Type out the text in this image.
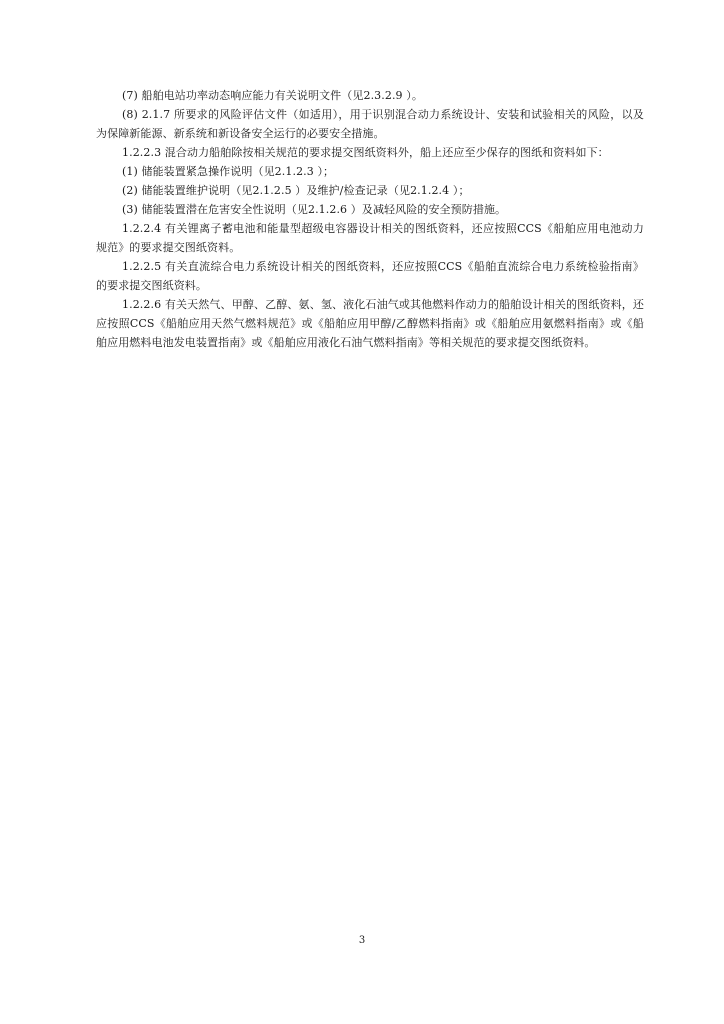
(7) 船舶电站功率动态响应能力有关说明文件（见2.3.2.9 ）。

(8) 2.1.7 所要求的风险评估文件（如适用），用于识别混合动力系统设计、安装和试验相关的风险，以及为保障新能源、新系统和新设备安全运行的必要安全措施。

1.2.2.3 混合动力船舶除按相关规范的要求提交图纸资料外，船上还应至少保存的图纸和资料如下：

(1) 储能装置紧急操作说明（见2.1.2.3 ）；

(2) 储能装置维护说明（见2.1.2.5 ）及维护/检查记录（见2.1.2.4 ）；

(3) 储能装置潜在危害安全性说明（见2.1.2.6 ）及减轻风险的安全预防措施。

1.2.2.4 有关锂离子蓄电池和能量型超级电容器设计相关的图纸资料，还应按照CCS《船舶应用电池动力规范》的要求提交图纸资料。

1.2.2.5 有关直流综合电力系统设计相关的图纸资料，还应按照CCS《船舶直流综合电力系统检验指南》的要求提交图纸资料。

1.2.2.6 有关天然气、甲醇、乙醇、氨、氢、液化石油气或其他燃料作动力的船舶设计相关的图纸资料，还应按照CCS《船舶应用天然气燃料规范》或《船舶应用甲醇/乙醇燃料指南》或《船舶应用氨燃料指南》或《船舶应用燃料电池发电装置指南》或《船舶应用液化石油气燃料指南》等相关规范的要求提交图纸资料。

3
